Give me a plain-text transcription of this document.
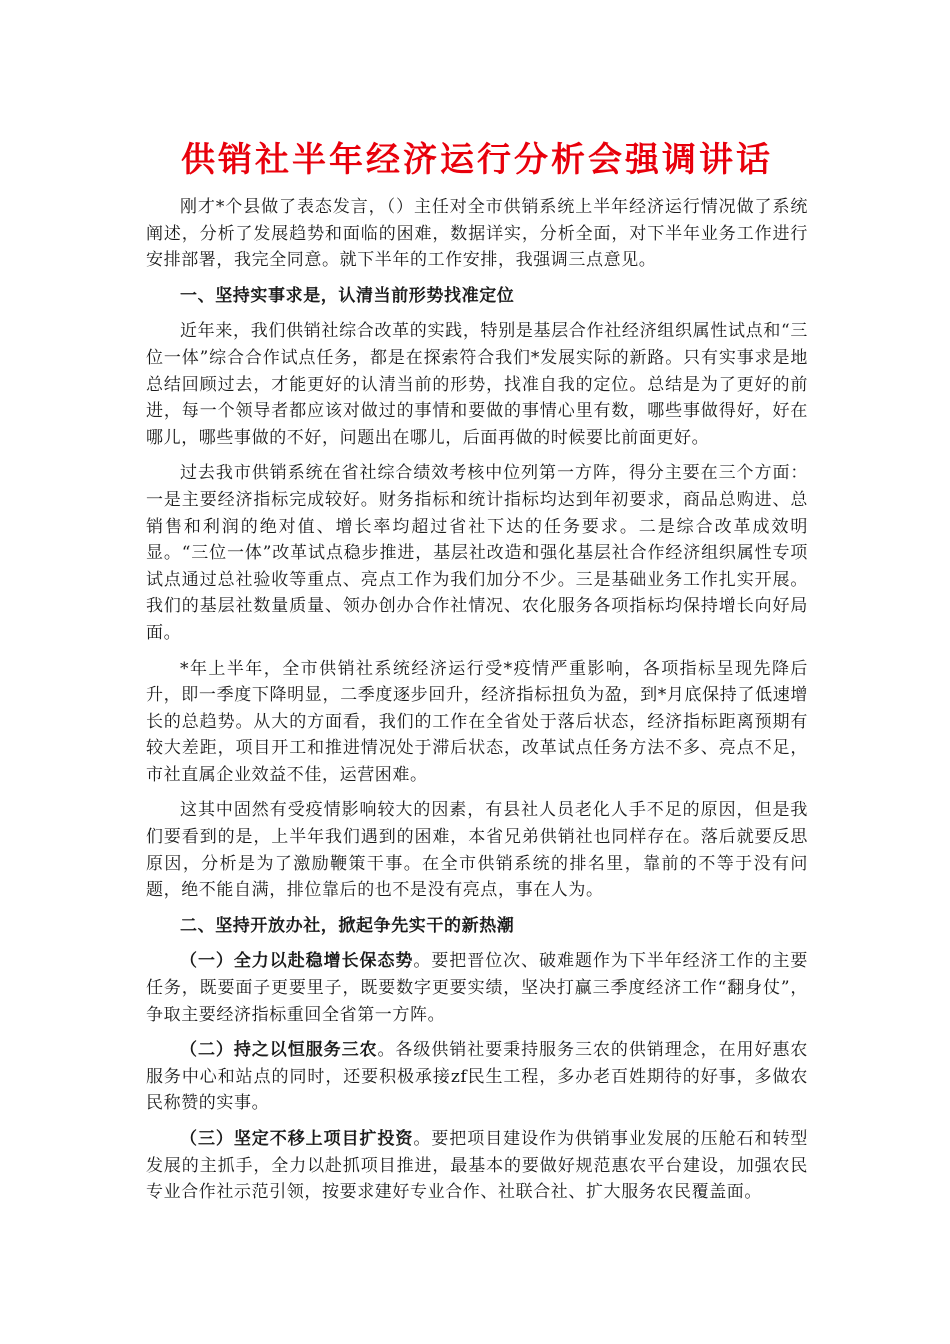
供销社半年经济运行分析会强调讲话

刚才*个县做了表态发言，（）主任对全市供销系统上半年经济运行情况做了系统阐述，分析了发展趋势和面临的困难，数据详实，分析全面，对下半年业务工作进行安排部署，我完全同意。就下半年的工作安排，我强调三点意见。

一、坚持实事求是，认清当前形势找准定位

近年来，我们供销社综合改革的实践，特别是基层合作社经济组织属性试点和“三位一体”综合合作试点任务，都是在探索符合我们*发展实际的新路。只有实事求是地总结回顾过去，才能更好的认清当前的形势，找准自我的定位。总结是为了更好的前进，每一个领导者都应该对做过的事情和要做的事情心里有数，哪些事做得好，好在哪儿，哪些事做的不好，问题出在哪儿，后面再做的时候要比前面更好。

过去我市供销系统在省社综合绩效考核中位列第一方阵，得分主要在三个方面：一是主要经济指标完成较好。财务指标和统计指标均达到年初要求，商品总购进、总销售和利润的绝对值、增长率均超过省社下达的任务要求。二是综合改革成效明显。“三位一体”改革试点稳步推进，基层社改造和强化基层社合作经济组织属性专项试点通过总社验收等重点、亮点工作为我们加分不少。三是基础业务工作扎实开展。我们的基层社数量质量、领办创办合作社情况、农化服务各项指标均保持增长向好局面。

*年上半年，全市供销社系统经济运行受*疫情严重影响，各项指标呈现先降后升，即一季度下降明显，二季度逐步回升，经济指标扭负为盈，到*月底保持了低速增长的总趋势。从大的方面看，我们的工作在全省处于落后状态，经济指标距离预期有较大差距，项目开工和推进情况处于滞后状态，改革试点任务方法不多、亮点不足，市社直属企业效益不佳，运营困难。

这其中固然有受疫情影响较大的因素，有县社人员老化人手不足的原因，但是我们要看到的是，上半年我们遇到的困难，本省兄弟供销社也同样存在。落后就要反思原因，分析是为了激励鞭策干事。在全市供销系统的排名里，靠前的不等于没有问题，绝不能自满，排位靠后的也不是没有亮点，事在人为。

二、坚持开放办社，掀起争先实干的新热潮

（一）全力以赴稳增长保态势。要把晋位次、破难题作为下半年经济工作的主要任务，既要面子更要里子，既要数字更要实绩，坚决打赢三季度经济工作“翻身仗”，争取主要经济指标重回全省第一方阵。

（二）持之以恒服务三农。各级供销社要秉持服务三农的供销理念，在用好惠农服务中心和站点的同时，还要积极承接zf民生工程，多办老百姓期待的好事，多做农民称赞的实事。

（三）坚定不移上项目扩投资。要把项目建设作为供销事业发展的压舱石和转型发展的主抓手，全力以赴抓项目推进，最基本的要做好规范惠农平台建设，加强农民专业合作社示范引领，按要求建好专业合作、社联合社、扩大服务农民覆盖面。
